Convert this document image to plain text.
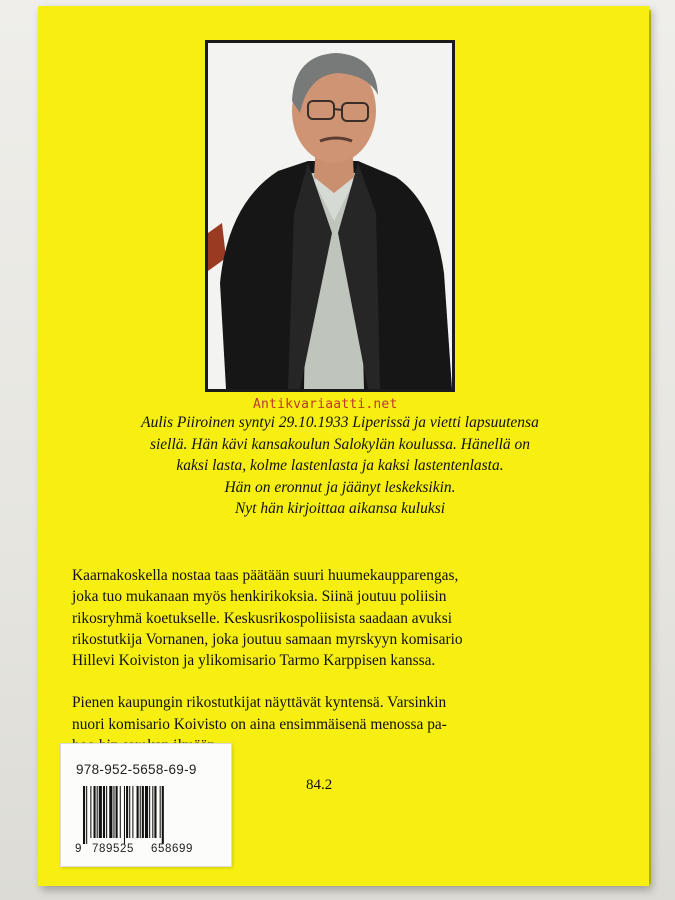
Antikvariaatti.net
Aulis Piiroinen syntyi 29.10.1933 Liperissä ja vietti lapsuutensa
siellä. Hän kävi kansakoulun Salokylän koulussa. Hänellä on
kaksi lasta, kolme lastenlasta ja kaksi lastentenlasta.
Hän on eronnut ja jäänyt leskeksikin.
Nyt hän kirjoittaa aikansa kuluksi
Kaarnakoskella nostaa taas päätään suuri huumekaupparengas,
joka tuo mukanaan myös henkirikoksia. Siinä joutuu poliisin
rikosryhmä koetukselle. Keskusrikospoliisista saadaan avuksi
rikostutkija Vornanen, joka joutuu samaan myrskyyn komisario
Hillevi Koiviston ja ylikomisario Tarmo Karppisen kanssa.
Pienen kaupungin rikostutkijat näyttävät kyntensä. Varsinkin
nuori komisario Koivisto on aina ensimmäisenä menossa pa-
84.2
978-952-5658-69-9
9 789525 658699
